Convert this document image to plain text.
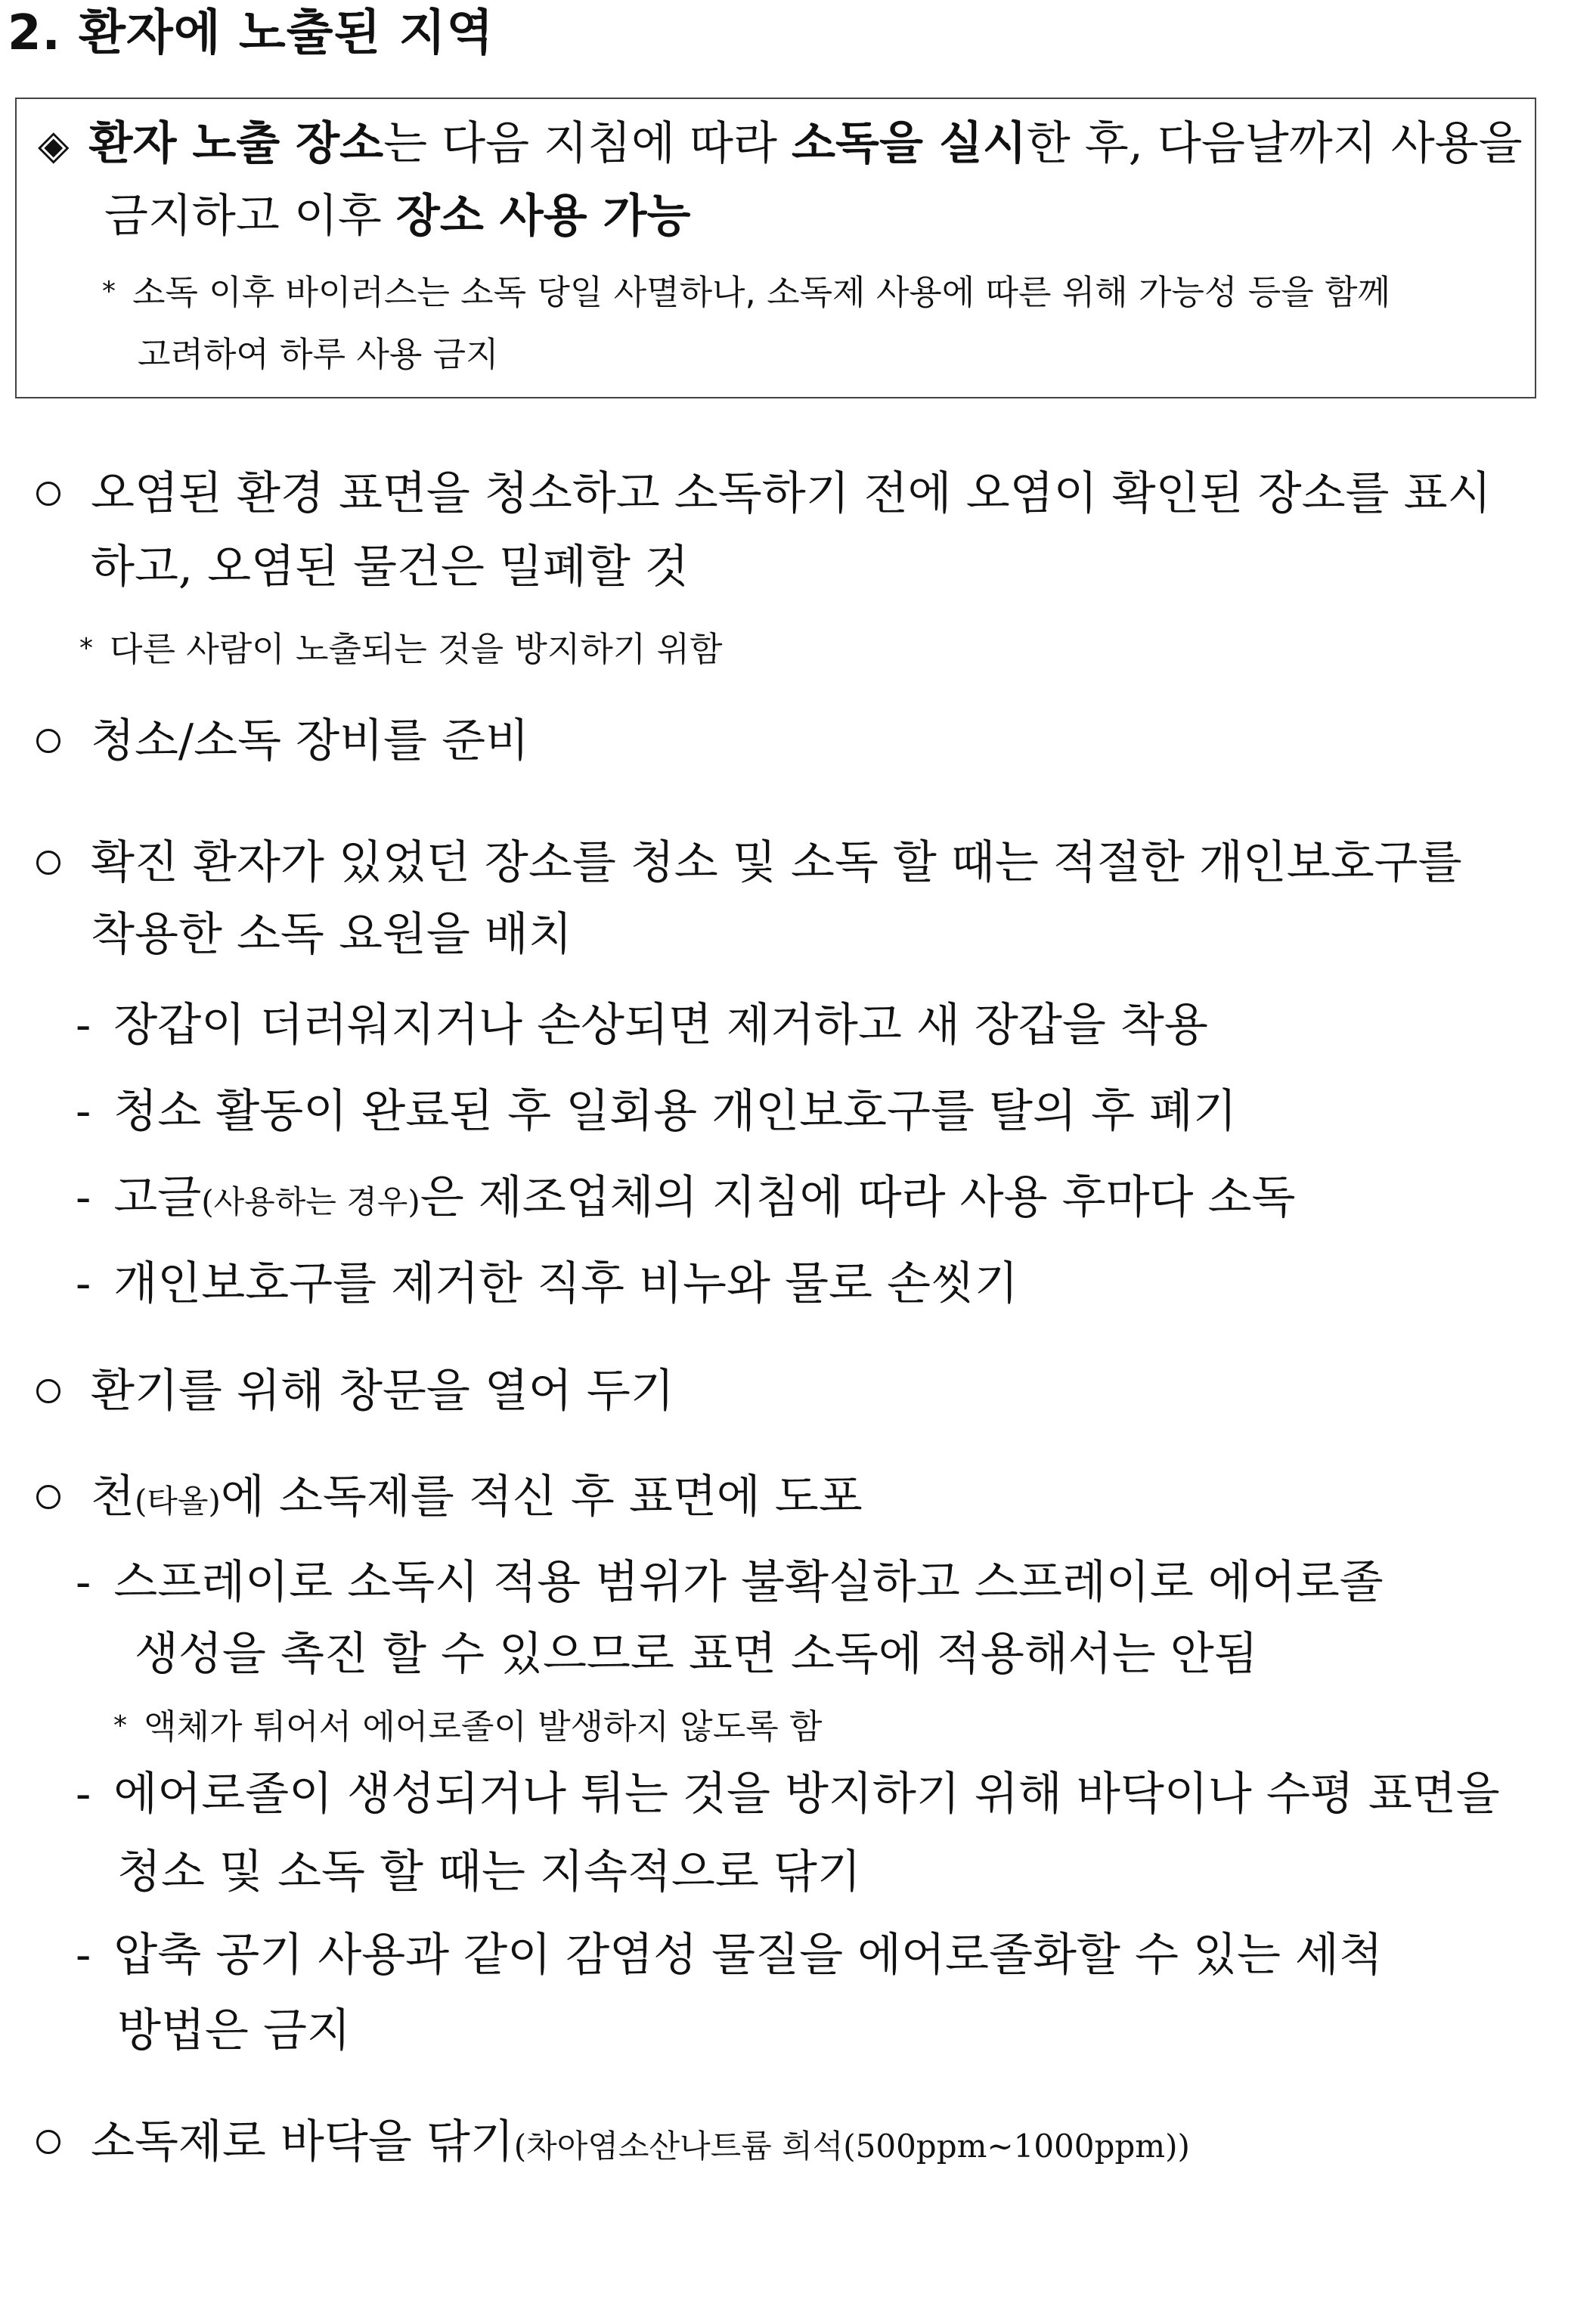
2. 환자에 노출된 지역
◈ 환자 노출 장소는 다음 지침에 따라 소독을 실시한 후, 다음날까지 사용을
금지하고 이후 장소 사용 가능
* 소독 이후 바이러스는 소독 당일 사멸하나, 소독제 사용에 따른 위해 가능성 등을 함께
고려하여 하루 사용 금지
오염된 환경 표면을 청소하고 소독하기 전에 오염이 확인된 장소를 표시
하고, 오염된 물건은 밀폐할 것
* 다른 사람이 노출되는 것을 방지하기 위함
청소/소독 장비를 준비
확진 환자가 있었던 장소를 청소 및 소독 할 때는 적절한 개인보호구를
착용한 소독 요원을 배치
- 장갑이 더러워지거나 손상되면 제거하고 새 장갑을 착용
- 청소 활동이 완료된 후 일회용 개인보호구를 탈의 후 폐기
- 고글(사용하는 경우)은 제조업체의 지침에 따라 사용 후마다 소독
- 개인보호구를 제거한 직후 비누와 물로 손씻기
환기를 위해 창문을 열어 두기
천(타올)에 소독제를 적신 후 표면에 도포
- 스프레이로 소독시 적용 범위가 불확실하고 스프레이로 에어로졸
생성을 촉진 할 수 있으므로 표면 소독에 적용해서는 안됨
* 액체가 튀어서 에어로졸이 발생하지 않도록 함
- 에어로졸이 생성되거나 튀는 것을 방지하기 위해 바닥이나 수평 표면을
청소 및 소독 할 때는 지속적으로 닦기
- 압축 공기 사용과 같이 감염성 물질을 에어로졸화할 수 있는 세척
방법은 금지
소독제로 바닥을 닦기(차아염소산나트륨 희석(500ppm~1000ppm))
